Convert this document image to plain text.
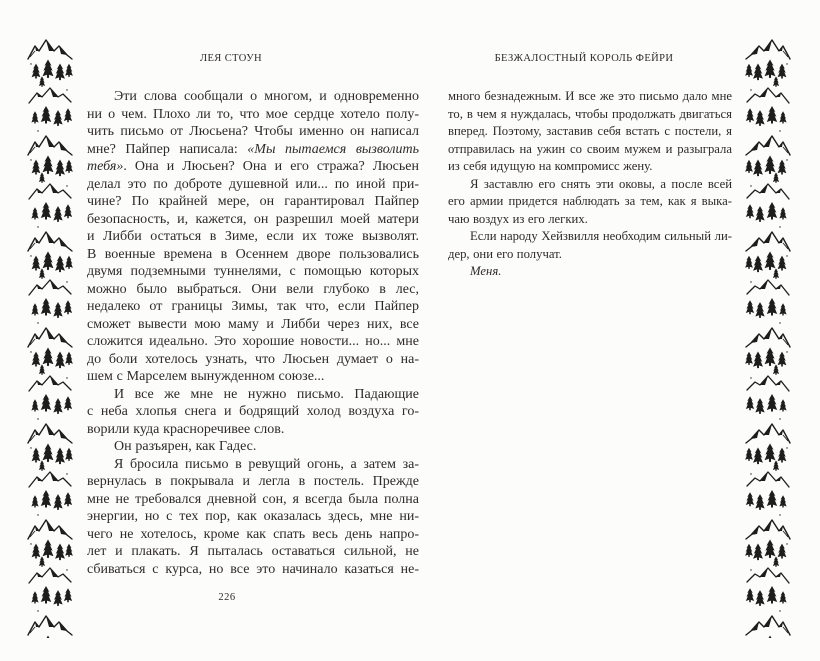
ЛЕЯ СТОУН
Эти слова сообщали о многом, и одновременно
ни о чем. Плохо ли то, что мое сердце хотело полу-
чить письмо от Люсьена? Чтобы именно он написал
мне? Пайпер написала: «Мы пытаемся вызволить
тебя». Она и Люсьен? Она и его стража? Люсьен
делал это по доброте душевной или... по иной при-
чине? По крайней мере, он гарантировал Пайпер
безопасность, и, кажется, он разрешил моей матери
и Либби остаться в Зиме, если их тоже вызволят.
В военные времена в Осеннем дворе пользовались
двумя подземными туннелями, с помощью которых
можно было выбраться. Они вели глубоко в лес,
недалеко от границы Зимы, так что, если Пайпер
сможет вывести мою маму и Либби через них, все
сложится идеально. Это хорошие новости... но... мне
до боли хотелось узнать, что Люсьен думает о на-
шем с Марселем вынужденном союзе...
И все же мне не нужно письмо. Падающие
с неба хлопья снега и бодрящий холод воздуха го-
ворили куда красноречивее слов.
Он разъярен, как Гадес.
Я бросила письмо в ревущий огонь, а затем за-
вернулась в покрывала и легла в постель. Прежде
мне не требовался дневной сон, я всегда была полна
энергии, но с тех пор, как оказалась здесь, мне ни-
чего не хотелось, кроме как спать весь день напро-
лет и плакать. Я пыталась оставаться сильной, не
сбиваться с курса, но все это начинало казаться не-
226
БЕЗЖАЛОСТНЫЙ КОРОЛЬ ФЕЙРИ
много безнадежным. И все же это письмо дало мне
то, в чем я нуждалась, чтобы продолжать двигаться
вперед. Поэтому, заставив себя встать с постели, я
отправилась на ужин со своим мужем и разыграла
из себя идущую на компромисс жену.
Я заставлю его снять эти оковы, а после всей
его армии придется наблюдать за тем, как я выка-
чаю воздух из его легких.
Если народу Хейзвилля необходим сильный ли-
дер, они его получат.
Меня.
